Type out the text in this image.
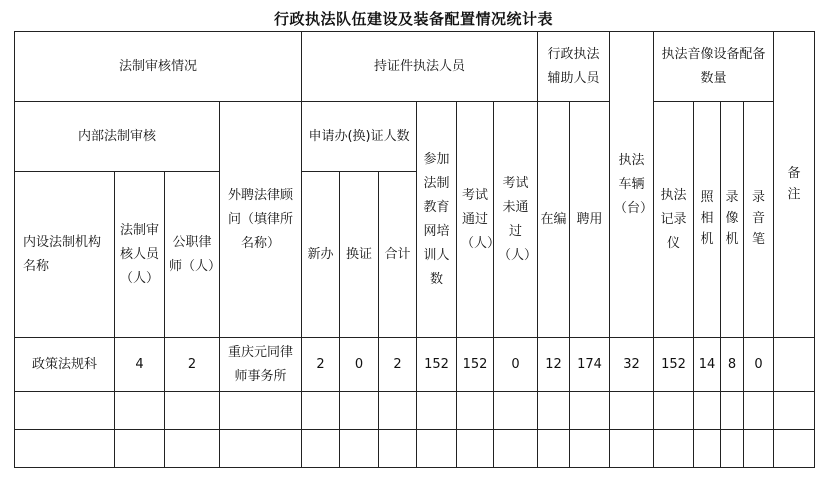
行政执法队伍建设及装备配置情况统计表
法制审核情况				持证件执法人员						行政执法辅助人员		执法车辆（台）	执法音像设备配备数量				备注
内部法制审核			外聘法律顾问（填律所名称）	申请办(换)证人数			参加法制教育网培训人数	考试通过（人）	考试未通过（人）	在编	聘用		执法记录仪	照相机	录像机	录音笔	
内设法制机构名称	法制审核人员（人）	公职律师（人）		新办	换证	合计											
政策法规科	4	2	重庆元同律师事务所	2	0	2	152	152	0	12	174	32	152	14	8	0	
